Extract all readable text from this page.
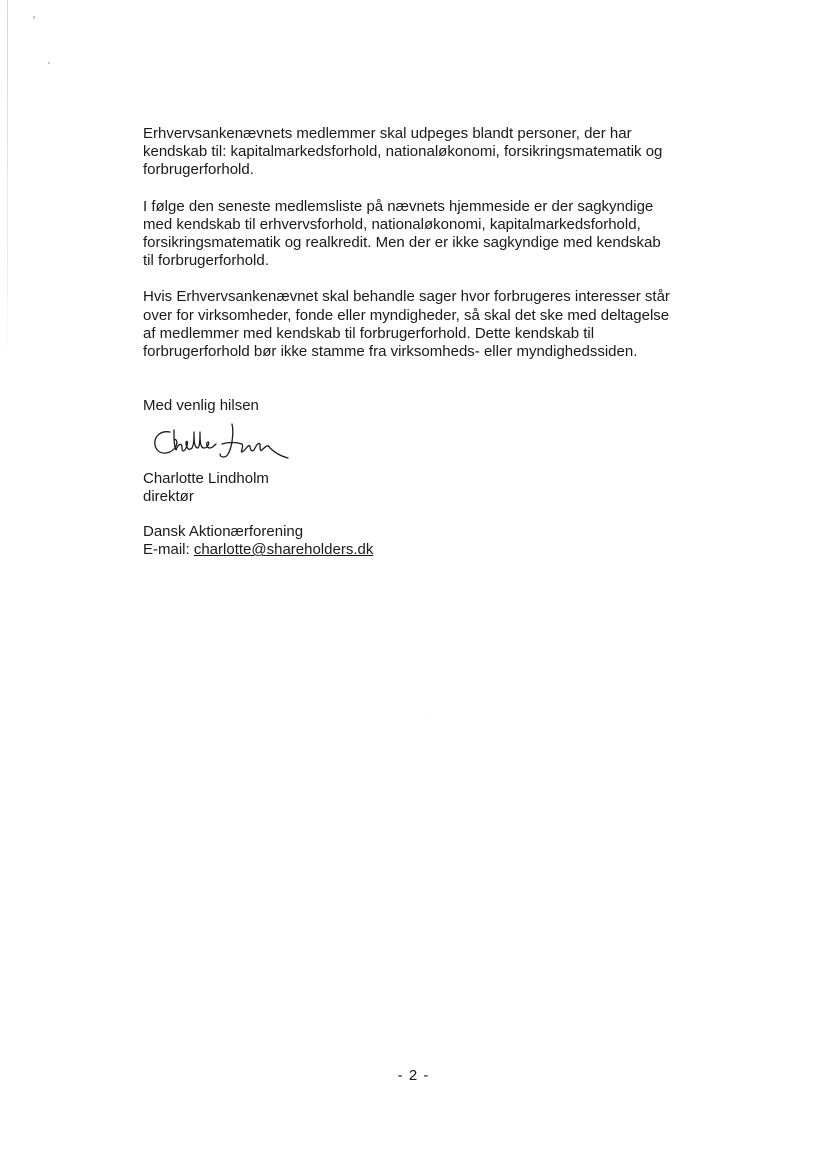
Erhvervsankenævnets medlemmer skal udpeges blandt personer, der har
kendskab til: kapitalmarkedsforhold, nationaløkonomi, forsikringsmatematik og
forbrugerforhold.

I følge den seneste medlemsliste på nævnets hjemmeside er der sagkyndige
med kendskab til erhvervsforhold, nationaløkonomi, kapitalmarkedsforhold,
forsikringsmatematik og realkredit. Men der er ikke sagkyndige med kendskab
til forbrugerforhold.

Hvis Erhvervsankenævnet skal behandle sager hvor forbrugeres interesser står
over for virksomheder, fonde eller myndigheder, så skal det ske med deltagelse
af medlemmer med kendskab til forbrugerforhold. Dette kendskab til
forbrugerforhold bør ikke stamme fra virksomheds- eller myndighedssiden.

Med venlig hilsen

Charlotte Lindholm
direktør
Dansk Aktionærforening
E-mail: charlotte@shareholders.dk
- 2 -
